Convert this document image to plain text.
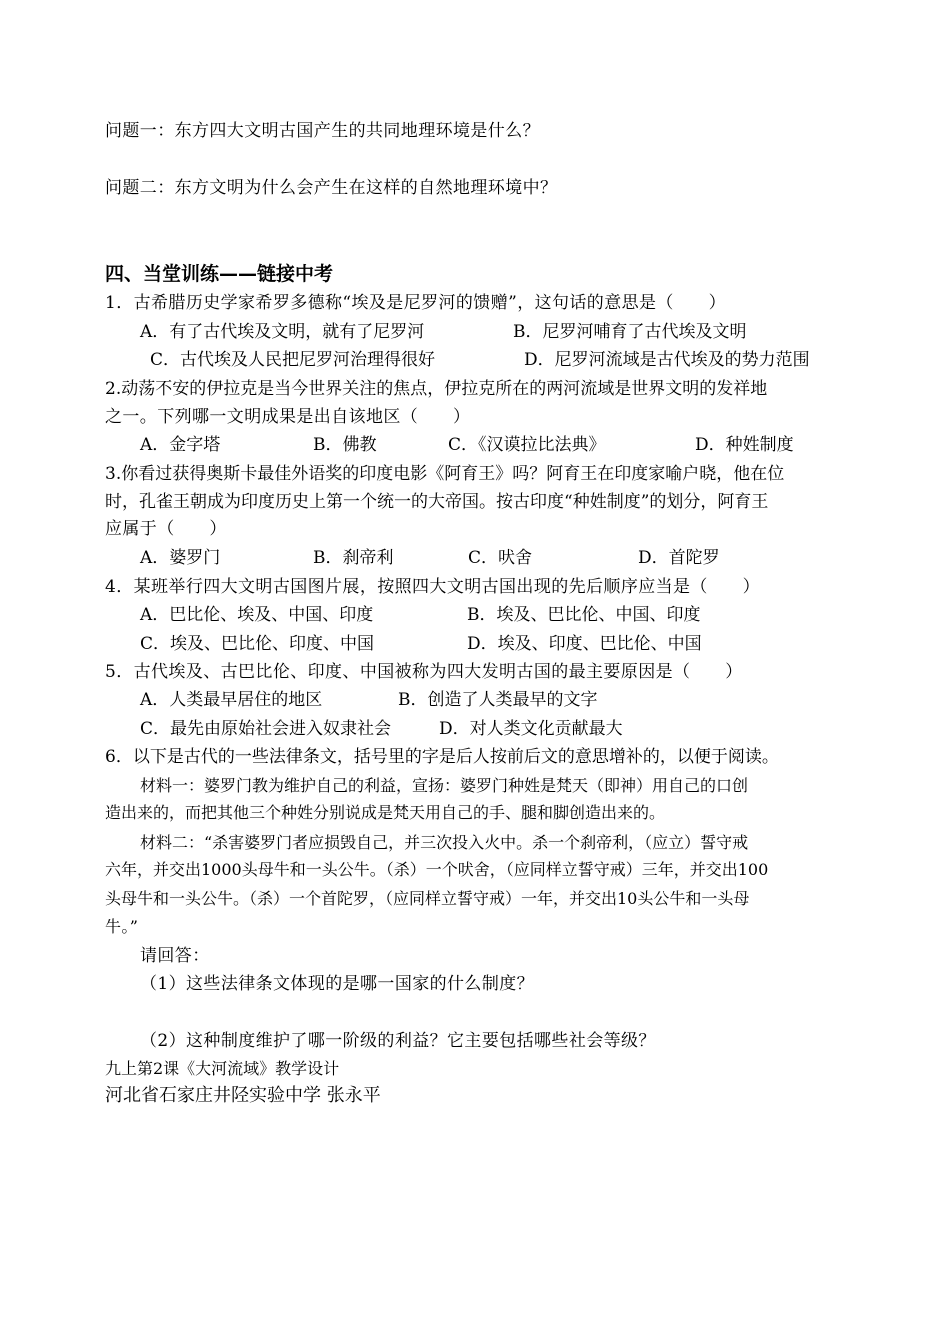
问题一：东方四大文明古国产生的共同地理环境是什么？
问题二：东方文明为什么会产生在这样的自然地理环境中？
四、当堂训练——链接中考
1．古希腊历史学家希罗多德称“埃及是尼罗河的馈赠”，这句话的意思是（　　）
A．有了古代埃及文明，就有了尼罗河	B．尼罗河哺育了古代埃及文明
C．古代埃及人民把尼罗河治理得很好	D．尼罗河流域是古代埃及的势力范围
2.动荡不安的伊拉克是当今世界关注的焦点，伊拉克所在的两河流域是世界文明的发祥地
之一。下列哪一文明成果是出自该地区（　　）
A．金字塔	B．佛教	C．《汉谟拉比法典》	D．种姓制度
3.你看过获得奥斯卡最佳外语奖的印度电影《阿育王》吗？阿育王在印度家喻户晓，他在位
时，孔雀王朝成为印度历史上第一个统一的大帝国。按古印度“种姓制度”的划分，阿育王
应属于（　　）
A．婆罗门	B．刹帝利	C．吠舍	D．首陀罗
4．某班举行四大文明古国图片展，按照四大文明古国出现的先后顺序应当是（　　）
A．巴比伦、埃及、中国、印度	B．埃及、巴比伦、中国、印度
C．埃及、巴比伦、印度、中国	D．埃及、印度、巴比伦、中国
5．古代埃及、古巴比伦、印度、中国被称为四大发明古国的最主要原因是（　　）
A．人类最早居住的地区	B．创造了人类最早的文字
C．最先由原始社会进入奴隶社会	D．对人类文化贡献最大
6．以下是古代的一些法律条文，括号里的字是后人按前后文的意思增补的，以便于阅读。
材料一：婆罗门教为维护自己的利益，宣扬：婆罗门种姓是梵天（即神）用自己的口创
造出来的，而把其他三个种姓分别说成是梵天用自己的手、腿和脚创造出来的。
材料二：“杀害婆罗门者应损毁自己，并三次投入火中。杀一个刹帝利，（应立）誓守戒
六年，并交出1000头母牛和一头公牛。（杀）一个吠舍，（应同样立誓守戒）三年，并交出100
头母牛和一头公牛。（杀）一个首陀罗，（应同样立誓守戒）一年，并交出10头公牛和一头母
牛。”
请回答：
（1）这些法律条文体现的是哪一国家的什么制度？
（2）这种制度维护了哪一阶级的利益？它主要包括哪些社会等级？
九上第2课《大河流域》教学设计
河北省石家庄井陉实验中学 张永平
